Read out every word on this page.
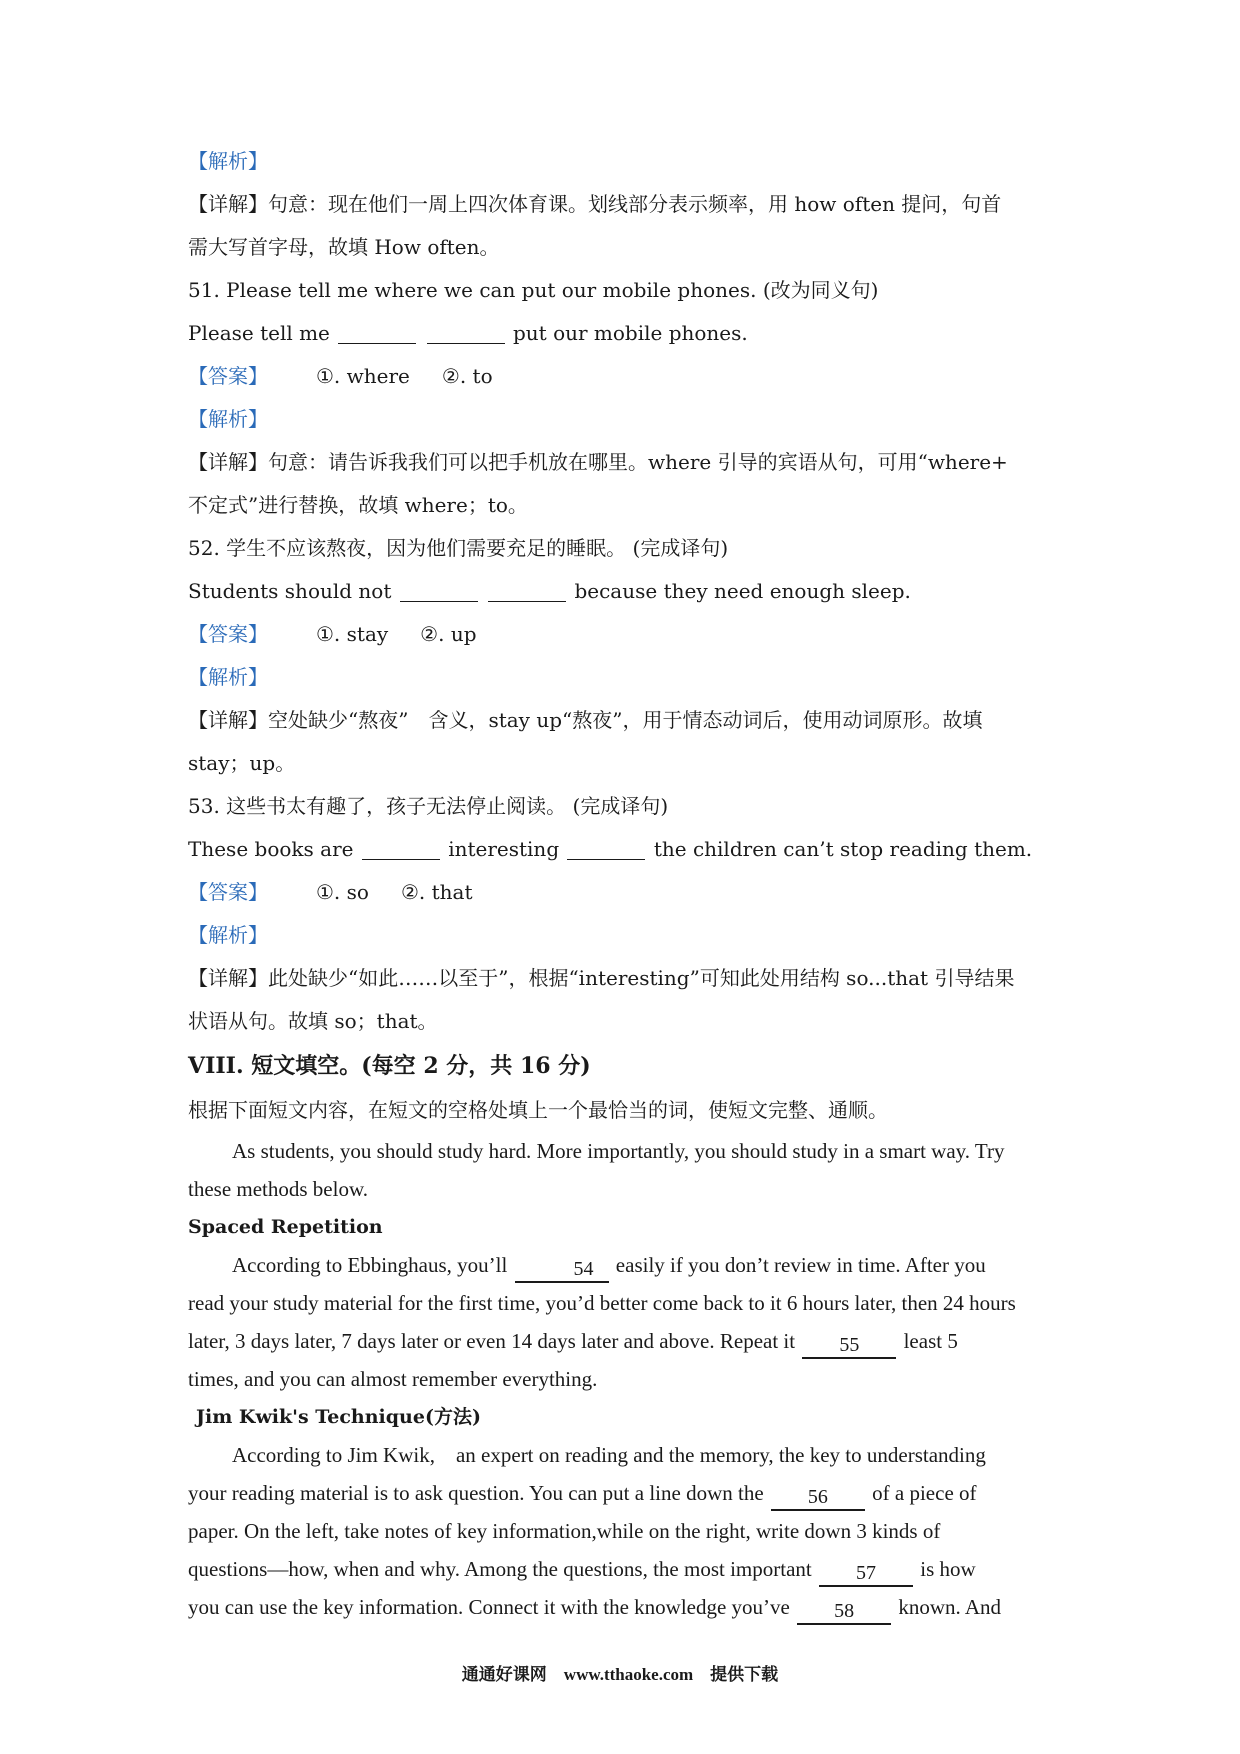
【解析】
【详解】句意：现在他们一周上四次体育课。划线部分表示频率，用 how often 提问，句首
需大写首字母，故填 How often。
51. Please tell me where we can put our mobile phones. (改为同义句)
Please tell me	put our mobile phones.
【答案】 ①. where ②. to
【解析】
【详解】句意：请告诉我我们可以把手机放在哪里。where 引导的宾语从句，可用“where+
不定式”进行替换，故填 where；to。
52. 学生不应该熬夜，因为他们需要充足的睡眠。 (完成译句)
Students should not	because they need enough sleep.
【答案】 ①. stay ②. up
【解析】
【详解】空处缺少“熬夜”　含义，stay up“熬夜”，用于情态动词后，使用动词原形。故填
stay；up。
53. 这些书太有趣了，孩子无法停止阅读。 (完成译句)
These books are	interesting	the children can’t stop reading them.
【答案】 ①. so ②. that
【解析】
【详解】此处缺少“如此……以至于”，根据“interesting”可知此处用结构 so...that 引导结果
状语从句。故填 so；that。
VIII. 短文填空。(每空 2 分，共 16 分)
根据下面短文内容，在短文的空格处填上一个最恰当的词，使短文完整、通顺。
As students, you should study hard. More importantly, you should study in a smart way. Try
these methods below.
Spaced Repetition
According to Ebbinghaus, you’ll	54 easily if you don’t review in time. After you
read your study material for the first time, you’d better come back to it 6 hours later, then 24 hours
later, 3 days later, 7 days later or even 14 days later and above. Repeat it 55 least 5
times, and you can almost remember everything.
Jim Kwik's Technique(方法)
According to Jim Kwik,　an expert on reading and the memory, the key to understanding
your reading material is to ask question. You can put a line down the 56 of a piece of
paper. On the left, take notes of key information,while on the right, write down 3 kinds of
questions—how, when and why. Among the questions, the most important 57 is how
you can use the key information. Connect it with the knowledge you’ve 58 known. And
通通好课网　www.tthaoke.com　提供下载
